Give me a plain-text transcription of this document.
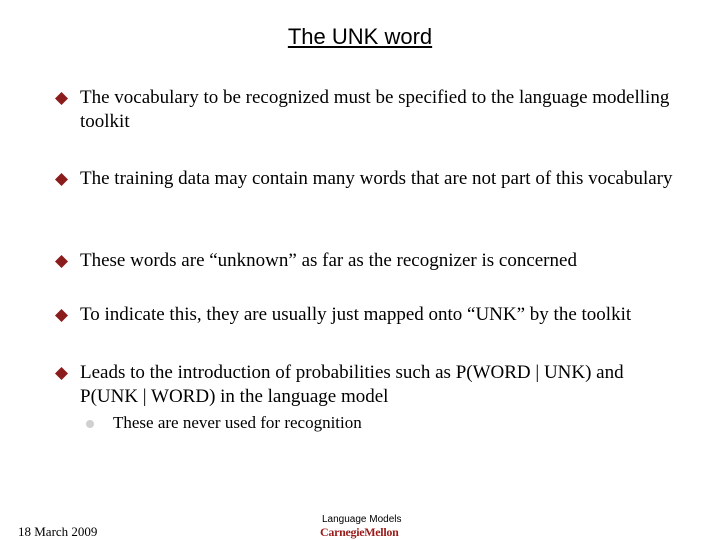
The UNK word
The vocabulary to be recognized must be specified to the language modelling toolkit
The training data may contain many words that are not part of this vocabulary
These words are “unknown” as far as the recognizer is concerned
To indicate this, they are usually just mapped onto “UNK” by the toolkit
Leads to the introduction of probabilities such as P(WORD | UNK) and P(UNK | WORD) in the language model
These are never used for recognition
18 March 2009
Language Models
CarnegieMellon
